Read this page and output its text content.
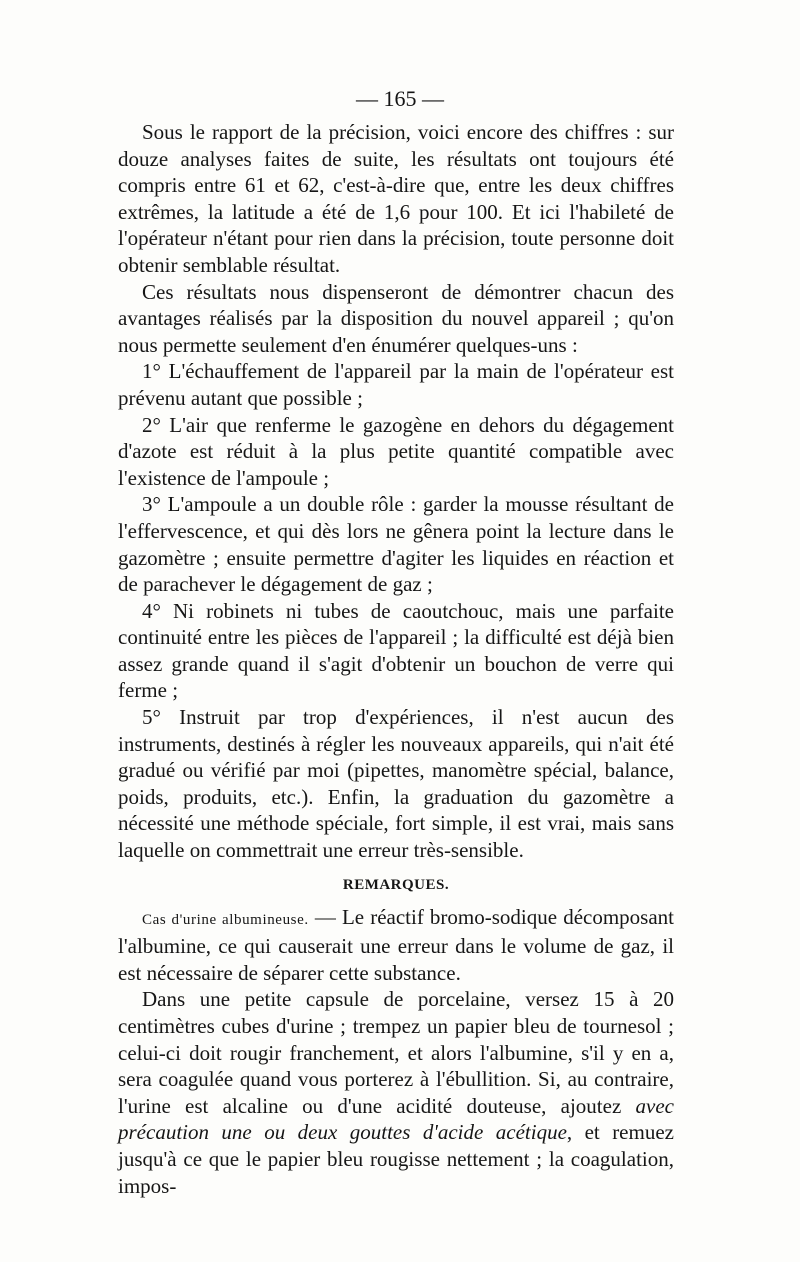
— 165 —

Sous le rapport de la précision, voici encore des chiffres : sur douze analyses faites de suite, les résultats ont toujours été compris entre 61 et 62, c'est-à-dire que, entre les deux chiffres extrêmes, la latitude a été de 1,6 pour 100. Et ici l'habileté de l'opérateur n'étant pour rien dans la précision, toute personne doit obtenir semblable résultat.

Ces résultats nous dispenseront de démontrer chacun des avantages réalisés par la disposition du nouvel appareil ; qu'on nous permette seulement d'en énumérer quelques-uns :

1° L'échauffement de l'appareil par la main de l'opérateur est prévenu autant que possible ;

2° L'air que renferme le gazogène en dehors du dégagement d'azote est réduit à la plus petite quantité compatible avec l'existence de l'ampoule ;

3° L'ampoule a un double rôle : garder la mousse résultant de l'effervescence, et qui dès lors ne gênera point la lecture dans le gazomètre ; ensuite permettre d'agiter les liquides en réaction et de parachever le dégagement de gaz ;

4° Ni robinets ni tubes de caoutchouc, mais une parfaite continuité entre les pièces de l'appareil ; la difficulté est déjà bien assez grande quand il s'agit d'obtenir un bouchon de verre qui ferme ;

5° Instruit par trop d'expériences, il n'est aucun des instruments, destinés à régler les nouveaux appareils, qui n'ait été gradué ou vérifié par moi (pipettes, manomètre spécial, balance, poids, produits, etc.). Enfin, la graduation du gazomètre a nécessité une méthode spéciale, fort simple, il est vrai, mais sans laquelle on commettrait une erreur très-sensible.

REMARQUES.

Cas d'urine albumineuse. — Le réactif bromo-sodique décomposant l'albumine, ce qui causerait une erreur dans le volume de gaz, il est nécessaire de séparer cette substance.

Dans une petite capsule de porcelaine, versez 15 à 20 centimètres cubes d'urine ; trempez un papier bleu de tournesol ; celui-ci doit rougir franchement, et alors l'albumine, s'il y en a, sera coagulée quand vous porterez à l'ébullition. Si, au contraire, l'urine est alcaline ou d'une acidité douteuse, ajoutez avec précaution une ou deux gouttes d'acide acétique, et remuez jusqu'à ce que le papier bleu rougisse nettement ; la coagulation, impos-
